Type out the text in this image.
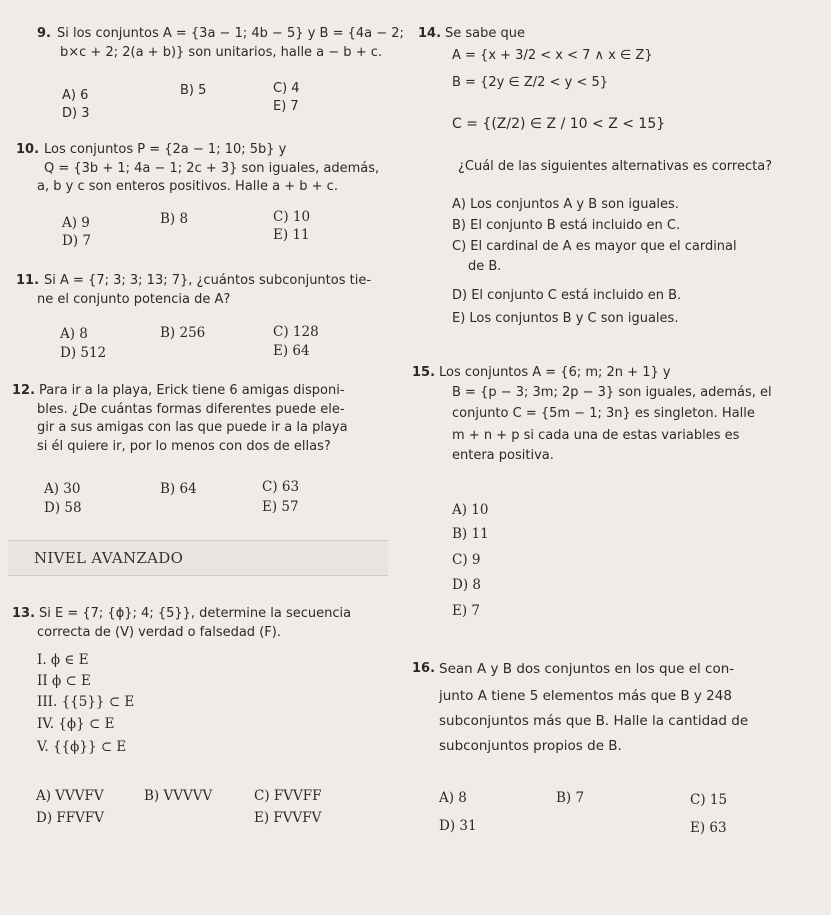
9. Si los conjuntos A = {3a − 1; 4b − 5} y B = {4a − 2;
b×c + 2; 2(a + b)} son unitarios, halle a − b + c.
A) 6	B) 5	C) 4
D) 3	E) 7
10. Los conjuntos P = {2a − 1; 10; 5b} y
Q = {3b + 1; 4a − 1; 2c + 3} son iguales, además,
a, b y c son enteros positivos. Halle a + b + c.
A) 9	B) 8	C) 10
D) 7	E) 11
11. Si A = {7; 3; 3; 13; 7}, ¿cuántos subconjuntos tie-
ne el conjunto potencia de A?
A) 8	B) 256	C) 128
D) 512	E) 64
12. Para ir a la playa, Erick tiene 6 amigas disponi-
bles. ¿De cuántas formas diferentes puede ele-
gir a sus amigas con las que puede ir a la playa
si él quiere ir, por lo menos con dos de ellas?
A) 30	B) 64	C) 63
D) 58	E) 57
NIVEL AVANZADO
13. Si E = {7; {ϕ}; 4; {5}}, determine la secuencia
correcta de (V) verdad o falsedad (F).
I. ϕ ∈ E
II ϕ ⊂ E
III. {{5}} ⊂ E
IV. {ϕ} ⊂ E
V. {{ϕ}} ⊂ E
A) VVVFV	B) VVVVV	C) FVVFF
D) FFVFV	E) FVVFV
14. Se sabe que
A = {x + 3/2 < x < 7 ∧ x ∈ Z}
B = {2y ∈ Z/2 < y < 5}
C = {(Z/2) ∈ Z / 10 < Z < 15}
¿Cuál de las siguientes alternativas es correcta?
A) Los conjuntos A y B son iguales.
B) El conjunto B está incluido en C.
C) El cardinal de A es mayor que el cardinal
de B.
D) El conjunto C está incluido en B.
E) Los conjuntos B y C son iguales.
15. Los conjuntos A = {6; m; 2n + 1} y
B = {p − 3; 3m; 2p − 3} son iguales, además, el
conjunto C = {5m − 1; 3n} es singleton. Halle
m + n + p si cada una de estas variables es
entera positiva.
A) 10
B) 11
C) 9
D) 8
E) 7
16. Sean A y B dos conjuntos en los que el con-
junto A tiene 5 elementos más que B y 248
subconjuntos más que B. Halle la cantidad de
subconjuntos propios de B.
A) 8	B) 7	C) 15
D) 31	E) 63
